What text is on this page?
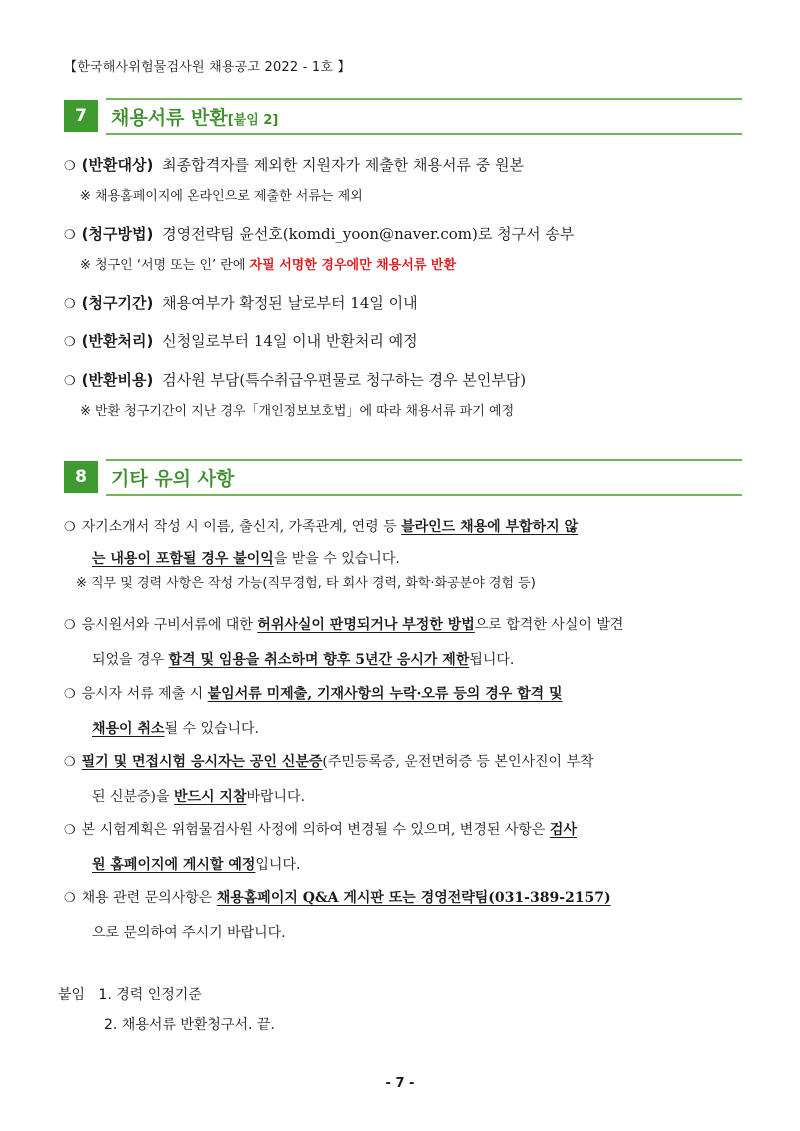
【한국해사위험물검사원 채용공고 2022 - 1호 】
7	채용서류 반환[붙임 2]
❍ (반환대상) 최종합격자를 제외한 지원자가 제출한 채용서류 중 원본
※ 채용홈페이지에 온라인으로 제출한 서류는 제외
❍ (청구방법) 경영전략팀 윤선호(komdi_yoon@naver.com)로 청구서 송부
※ 청구인 ‘서명 또는 인’ 란에 자필 서명한 경우에만 채용서류 반환
❍ (청구기간) 채용여부가 확정된 날로부터 14일 이내
❍ (반환처리) 신청일로부터 14일 이내 반환처리 예정
❍ (반환비용) 검사원 부담(특수취급우편물로 청구하는 경우 본인부담)
※ 반환 청구기간이 지난 경우「개인정보보호법」에 따라 채용서류 파기 예정
8	기타 유의 사항
❍ 자기소개서 작성 시 이름, 출신지, 가족관계, 연령 등 블라인드 채용에 부합하지 않
는 내용이 포함될 경우 불이익을 받을 수 있습니다.
※ 직무 및 경력 사항은 작성 가능(직무경험, 타 회사 경력, 화학·화공분야 경험 등)
❍ 응시원서와 구비서류에 대한 허위사실이 판명되거나 부정한 방법으로 합격한 사실이 발견
되었을 경우 합격 및 임용을 취소하며 향후 5년간 응시가 제한됩니다.
❍ 응시자 서류 제출 시 붙임서류 미제출, 기재사항의 누락·오류 등의 경우 합격 및
채용이 취소될 수 있습니다.
❍ 필기 및 면접시험 응시자는 공인 신분증(주민등록증, 운전면허증 등 본인사진이 부착
된 신분증)을 반드시 지참바랍니다.
❍ 본 시험계획은 위험물검사원 사정에 의하여 변경될 수 있으며, 변경된 사항은 검사
원 홈페이지에 게시할 예정입니다.
❍ 채용 관련 문의사항은 채용홈페이지 Q&A 게시판 또는 경영전략팀(031-389-2157)
으로 문의하여 주시기 바랍니다.
붙임 1. 경력 인정기준
2. 채용서류 반환청구서. 끝.
- 7 -
